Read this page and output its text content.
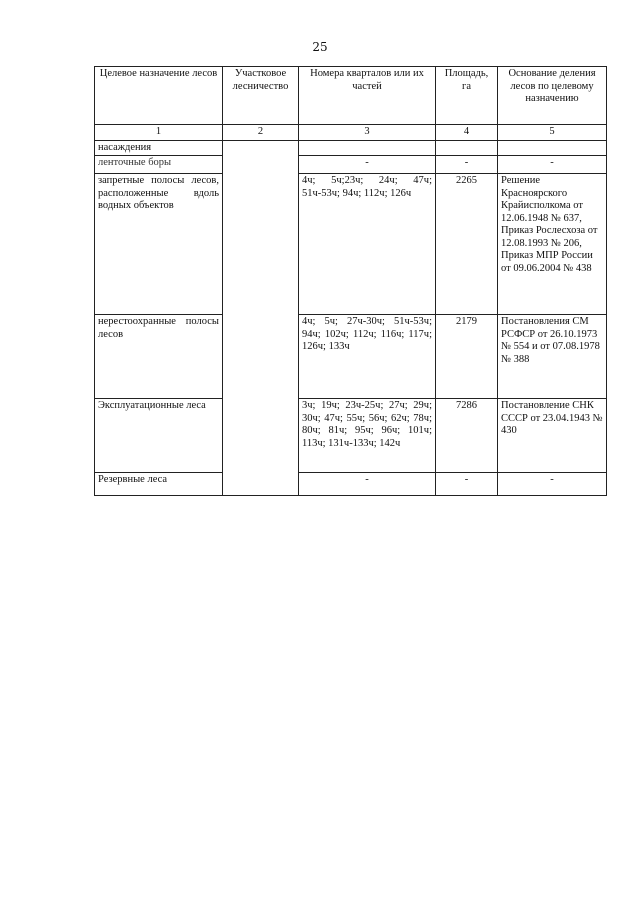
25
Целевое назначение лесов	Участковое лесничество	Номера кварталов или их частей	Площадь, га	Основание деления лесов по целевому назначению
1	2	3	4	5
насаждения				
ленточные боры		-	-	-
запретные полосы лесов, расположенные вдоль водных объектов		4ч; 5ч;23ч; 24ч; 47ч; 51ч-53ч; 94ч; 112ч; 126ч	2265	Решение Красноярского Крайисполкома от 12.06.1948 № 637, Приказ Рослесхоза от 12.08.1993 № 206, Приказ МПР России от 09.06.2004 № 438
нерестоохранные полосы лесов		4ч; 5ч; 27ч-30ч; 51ч-53ч; 94ч; 102ч; 112ч; 116ч; 117ч; 126ч; 133ч	2179	Постановления СМ РСФСР от 26.10.1973 № 554 и от 07.08.1978 № 388
Эксплуатационные леса		3ч; 19ч; 23ч-25ч; 27ч; 29ч; 30ч; 47ч; 55ч; 56ч; 62ч; 78ч; 80ч; 81ч; 95ч; 96ч; 101ч; 113ч; 131ч-133ч; 142ч	7286	Постановление СНК СССР от 23.04.1943 № 430
Резервные леса		-	-	-
